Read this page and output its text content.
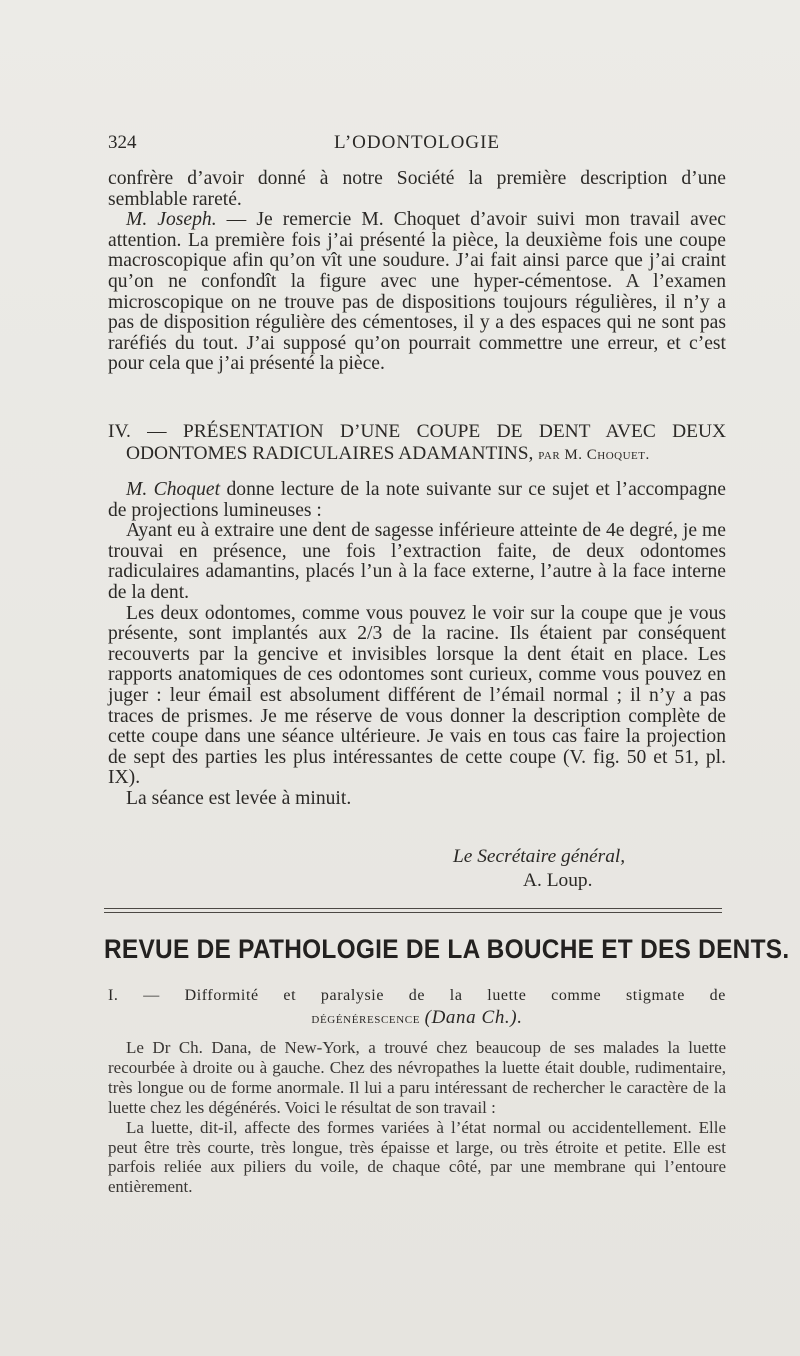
324	L’ODONTOLOGIE

confrère d’avoir donné à notre Société la première description d’une semblable rareté.

M. Joseph. — Je remercie M. Choquet d’avoir suivi mon travail avec attention. La première fois j’ai présenté la pièce, la deuxième fois une coupe macroscopique afin qu’on vît une soudure. J’ai fait ainsi parce que j’ai craint qu’on ne confondît la figure avec une hyper-cémentose. A l’examen microscopique on ne trouve pas de dispositions toujours régulières, il n’y a pas de disposition régulière des cémentoses, il y a des espaces qui ne sont pas raréfiés du tout. J’ai supposé qu’on pourrait commettre une erreur, et c’est pour cela que j’ai présenté la pièce.

IV. — PRÉSENTATION D’UNE COUPE DE DENT AVEC DEUX
ODONTOMES RADICULAIRES ADAMANTINS, par M. Choquet.

M. Choquet donne lecture de la note suivante sur ce sujet et l’accompagne de projections lumineuses :

Ayant eu à extraire une dent de sagesse inférieure atteinte de 4e degré, je me trouvai en présence, une fois l’extraction faite, de deux odontomes radiculaires adamantins, placés l’un à la face externe, l’autre à la face interne de la dent.

Les deux odontomes, comme vous pouvez le voir sur la coupe que je vous présente, sont implantés aux 2/3 de la racine. Ils étaient par conséquent recouverts par la gencive et invisibles lorsque la dent était en place. Les rapports anatomiques de ces odontomes sont curieux, comme vous pouvez en juger : leur émail est absolument différent de l’émail normal ; il n’y a pas traces de prismes. Je me réserve de vous donner la description complète de cette coupe dans une séance ultérieure. Je vais en tous cas faire la projection de sept des parties les plus intéressantes de cette coupe (V. fig. 50 et 51, pl. IX).

La séance est levée à minuit.

Le Secrétaire général,
A. Loup.
REVUE DE PATHOLOGIE DE LA BOUCHE ET DES DENTS.
I. — Difformité et paralysie de la luette comme stigmate de
dégénérescence (Dana Ch.).

Le Dr Ch. Dana, de New-York, a trouvé chez beaucoup de ses malades la luette recourbée à droite ou à gauche. Chez des névropathes la luette était double, rudimentaire, très longue ou de forme anormale. Il lui a paru intéressant de rechercher le caractère de la luette chez les dégénérés. Voici le résultat de son travail :

La luette, dit-il, affecte des formes variées à l’état normal ou accidentellement. Elle peut être très courte, très longue, très épaisse et large, ou très étroite et petite. Elle est parfois reliée aux piliers du voile, de chaque côté, par une membrane qui l’entoure entièrement.
